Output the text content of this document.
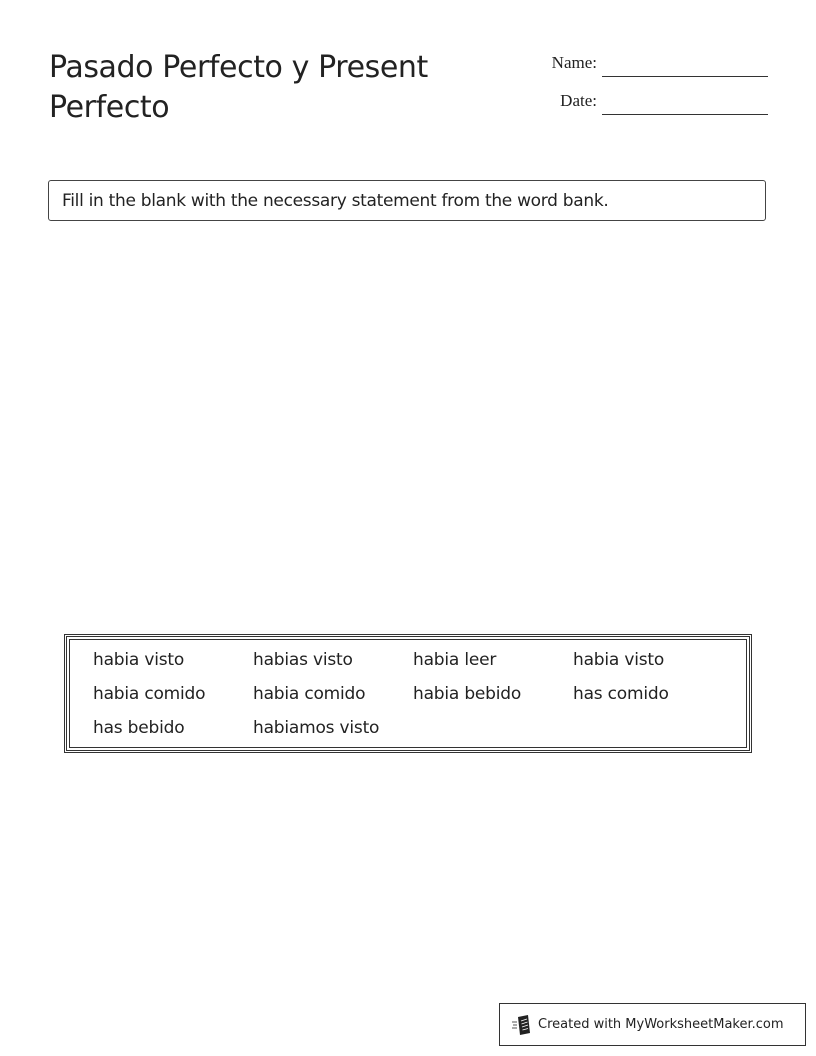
Pasado Perfecto y Present Perfecto
Name:
Date:
Fill in the blank with the necessary statement from the word bank.
habia visto	habias visto	habia leer	habia visto
habia comido	habia comido	habia bebido	has comido
has bebido	habiamos visto
Created with MyWorksheetMaker.com
